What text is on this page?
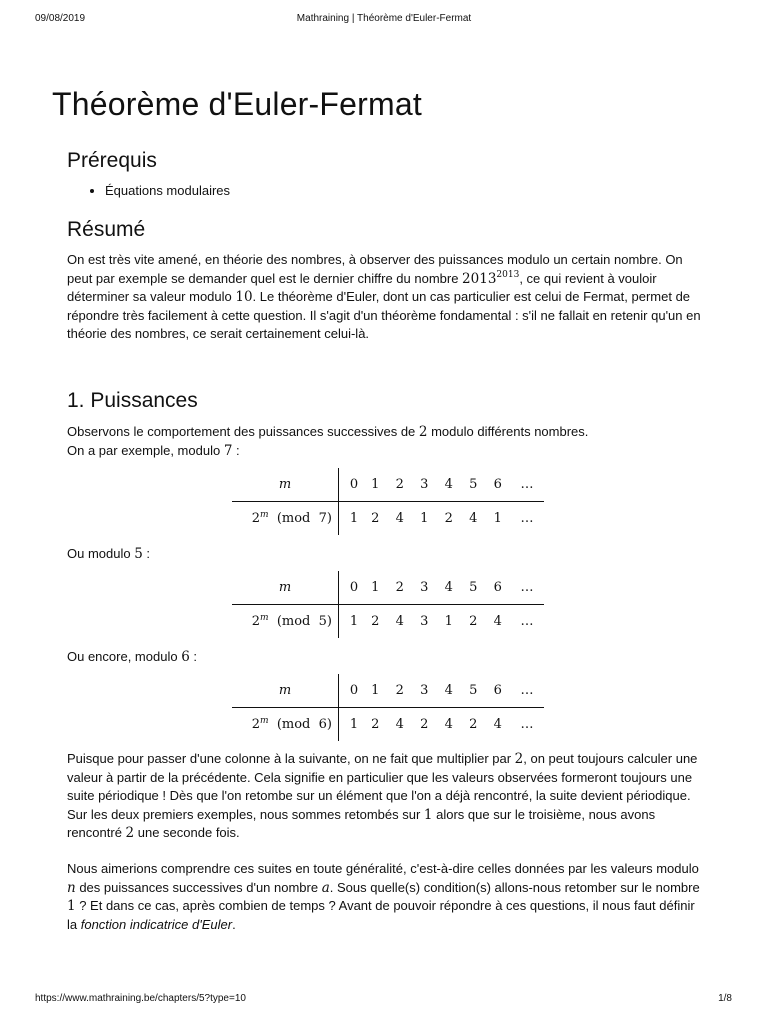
09/08/2019	Mathraining | Théorème d'Euler-Fermat
Théorème d'Euler-Fermat
Prérequis
• Équations modulaires
Résumé

On est très vite amené, en théorie des nombres, à observer des puissances modulo un certain nombre. On peut par exemple se demander quel est le dernier chiffre du nombre $2013^{2013}$, ce qui revient à vouloir déterminer sa valeur modulo 10. Le théorème d'Euler, dont un cas particulier est celui de Fermat, permet de répondre très facilement à cette question. Il s'agit d'un théorème fondamental : s'il ne fallait en retenir qu'un en théorie des nombres, ce serait certainement celui-là.

1. Puissances

Observons le comportement des puissances successives de 2 modulo différents nombres.
On a par exemple, modulo 7 :

m	0	1	2	3	4	5	6	…
2$^m$ (mod 7)	1	2	4	1	2	4	1	…

Ou modulo 5 :

m	0	1	2	3	4	5	6	…
2$^m$ (mod 5)	1	2	4	3	1	2	4	…

Ou encore, modulo 6 :

m	0	1	2	3	4	5	6	…
2$^m$ (mod 6)	1	2	4	2	4	2	4	…

Puisque pour passer d'une colonne à la suivante, on ne fait que multiplier par 2, on peut toujours calculer une valeur à partir de la précédente. Cela signifie en particulier que les valeurs observées formeront toujours une suite périodique ! Dès que l'on retombe sur un élément que l'on a déjà rencontré, la suite devient périodique. Sur les deux premiers exemples, nous sommes retombés sur 1 alors que sur le troisième, nous avons rencontré 2 une seconde fois.

Nous aimerions comprendre ces suites en toute généralité, c'est-à-dire celles données par les valeurs modulo n des puissances successives d'un nombre a. Sous quelle(s) condition(s) allons-nous retomber sur le nombre 1 ? Et dans ce cas, après combien de temps ? Avant de pouvoir répondre à ces questions, il nous faut définir la fonction indicatrice d'Euler.

https://www.mathraining.be/chapters/5?type=10	1/8
